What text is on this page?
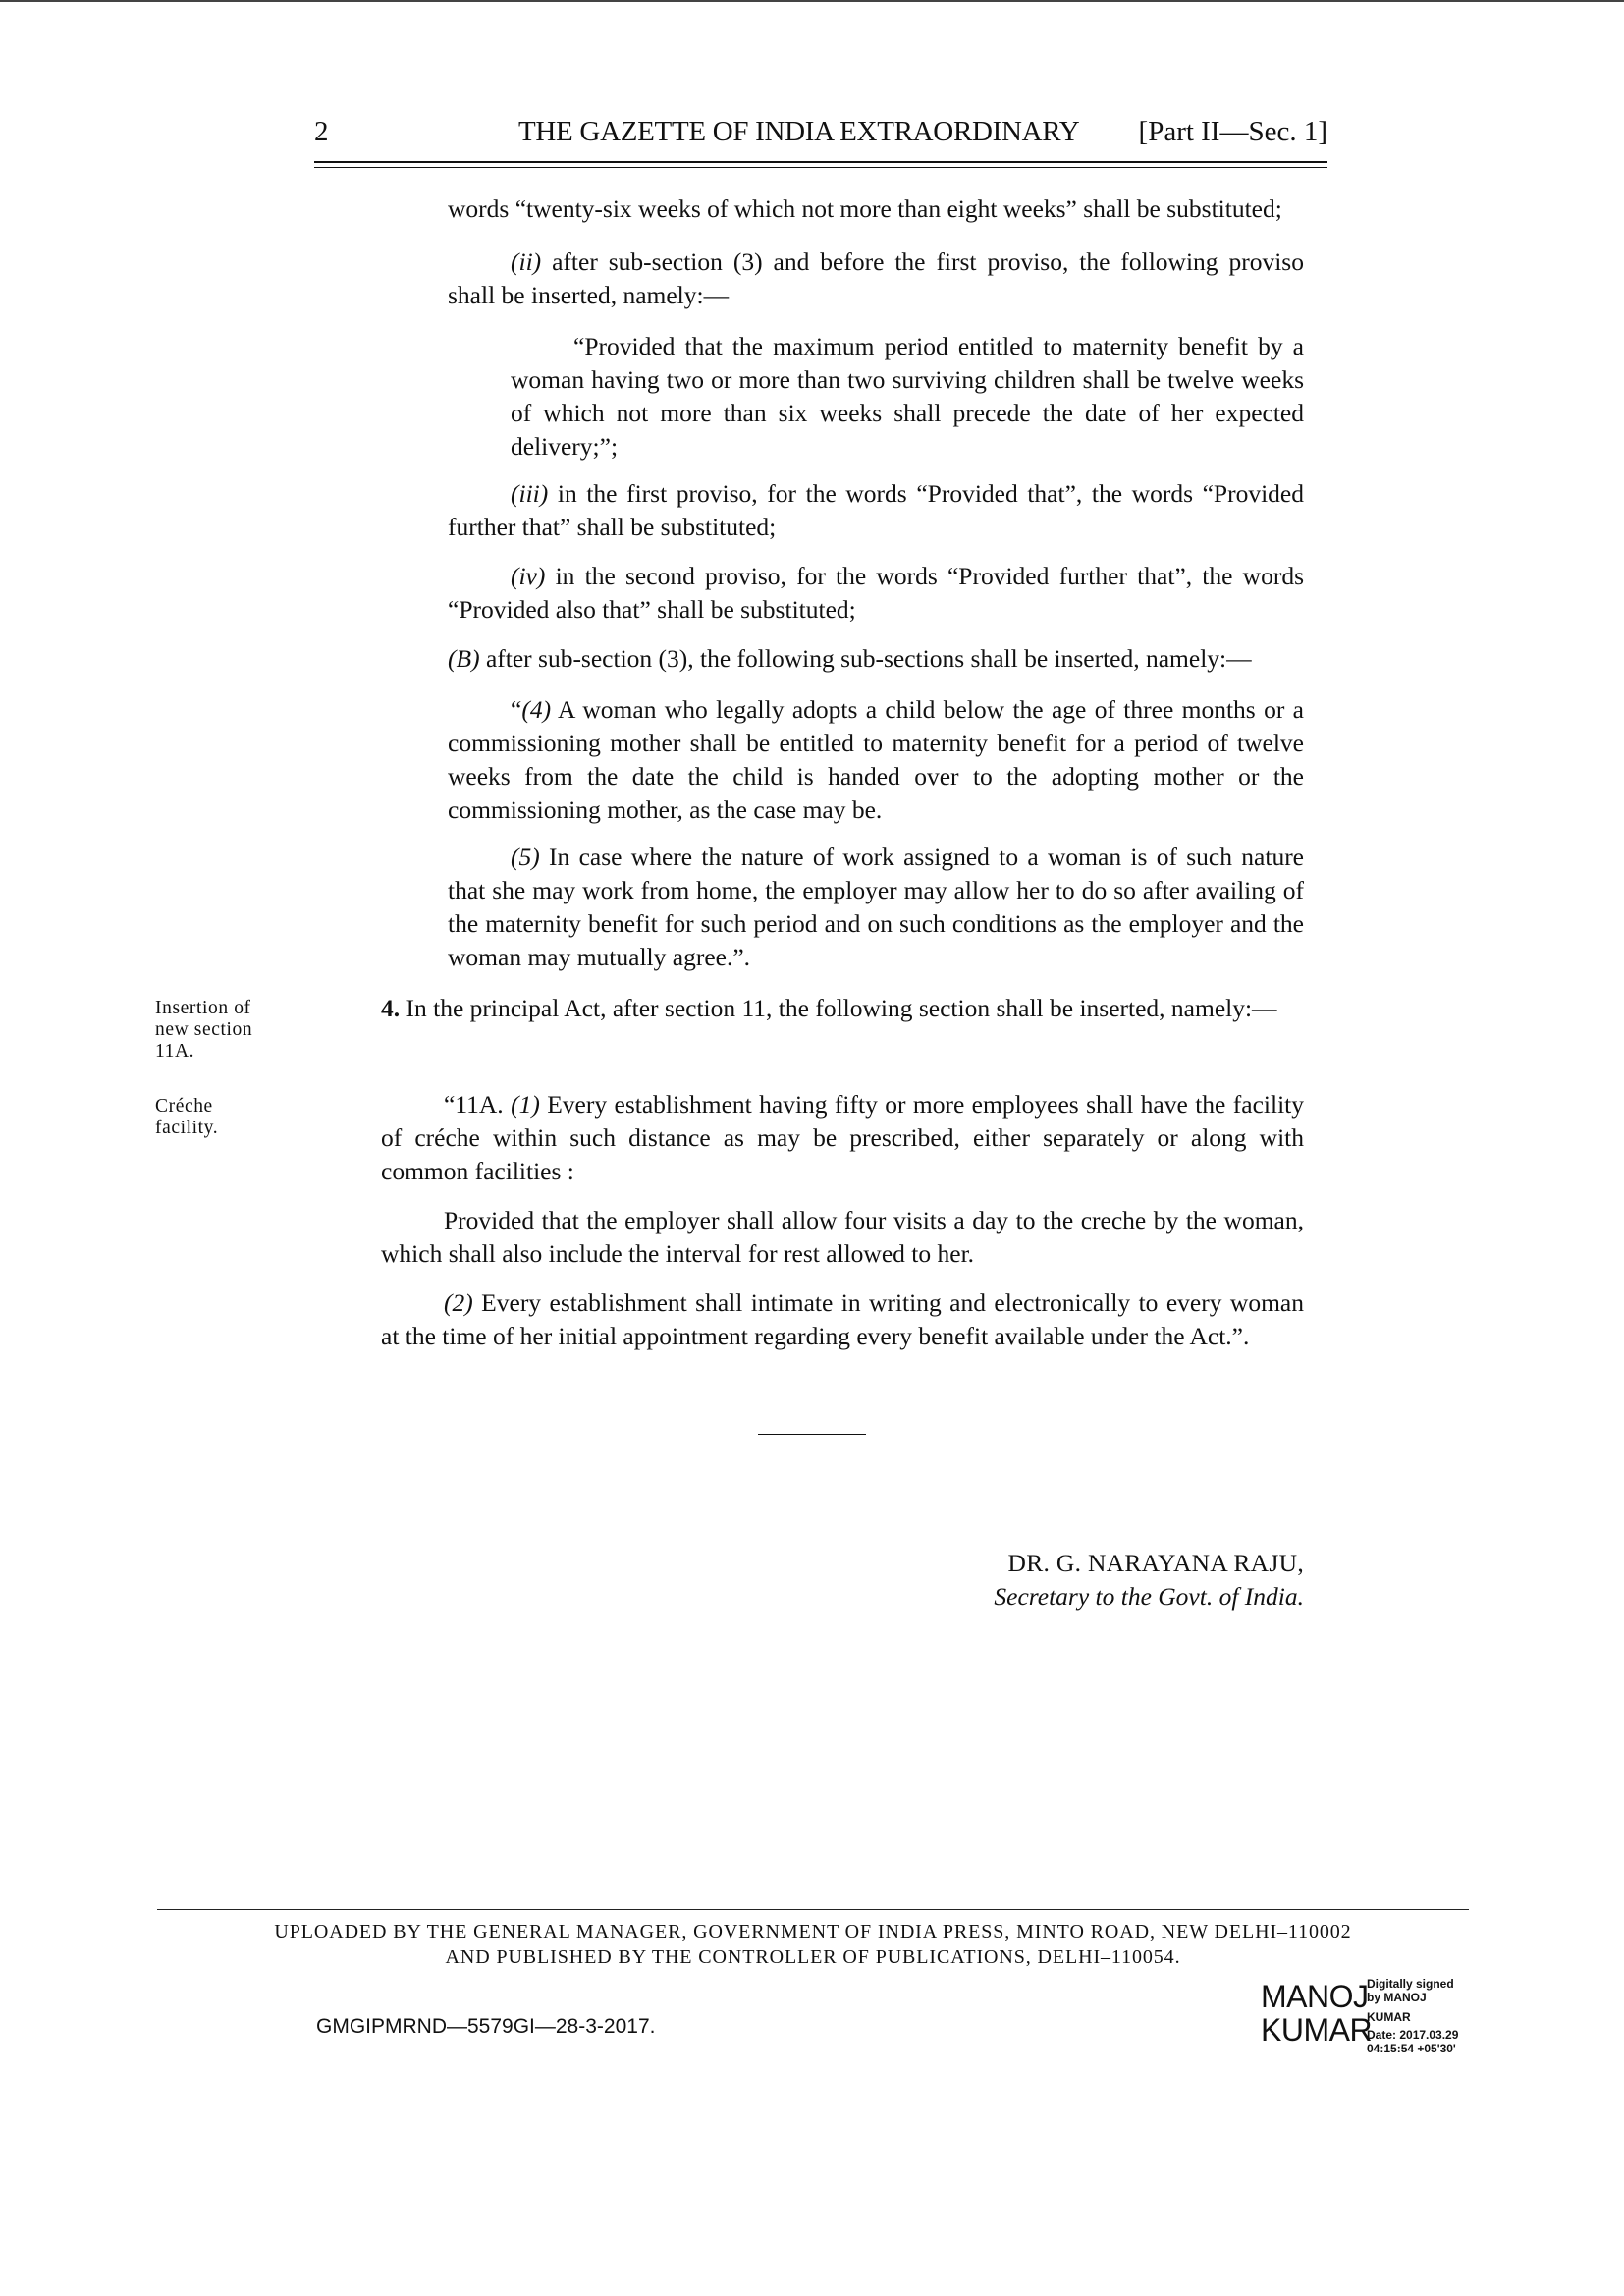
2	THE GAZETTE OF INDIA EXTRAORDINARY [Part II—Sec. 1]
words “twenty-six weeks of which not more than eight weeks” shall be substituted;
(ii) after sub-section (3) and before the first proviso, the following proviso shall be inserted, namely:—
“Provided that the maximum period entitled to maternity benefit by a woman having two or more than two surviving children shall be twelve weeks of which not more than six weeks shall precede the date of her expected delivery;”;
(iii) in the first proviso, for the words “Provided that”, the words “Provided further that” shall be substituted;
(iv) in the second proviso, for the words “Provided further that”, the words “Provided also that” shall be substituted;
(B) after sub-section (3), the following sub-sections shall be inserted, namely:—
“(4) A woman who legally adopts a child below the age of three months or a commissioning mother shall be entitled to maternity benefit for a period of twelve weeks from the date the child is handed over to the adopting mother or the commissioning mother, as the case may be.
(5) In case where the nature of work assigned to a woman is of such nature that she may work from home, the employer may allow her to do so after availing of the maternity benefit for such period and on such conditions as the employer and the woman may mutually agree.”.
4. In the principal Act, after section 11, the following section shall be inserted, namely:—
“11A. (1) Every establishment having fifty or more employees shall have the facility of créche within such distance as may be prescribed, either separately or along with common facilities :
Provided that the employer shall allow four visits a day to the creche by the woman, which shall also include the interval for rest allowed to her.
(2) Every establishment shall intimate in writing and electronically to every woman at the time of her initial appointment regarding every benefit available under the Act.”.
Insertion of new section 11A.
Créche facility.
DR. G. NARAYANA RAJU,
Secretary to the Govt. of India.
UPLOADED BY THE GENERAL MANAGER, GOVERNMENT OF INDIA PRESS, MINTO ROAD, NEW DELHI–110002
AND PUBLISHED BY THE CONTROLLER OF PUBLICATIONS, DELHI–110054.
GMGIPMRND—5579GI—28-3-2017.
MANOJ
KUMAR
Digitally signed
by MANOJ
KUMAR
Date: 2017.03.29
04:15:54 +05'30'
